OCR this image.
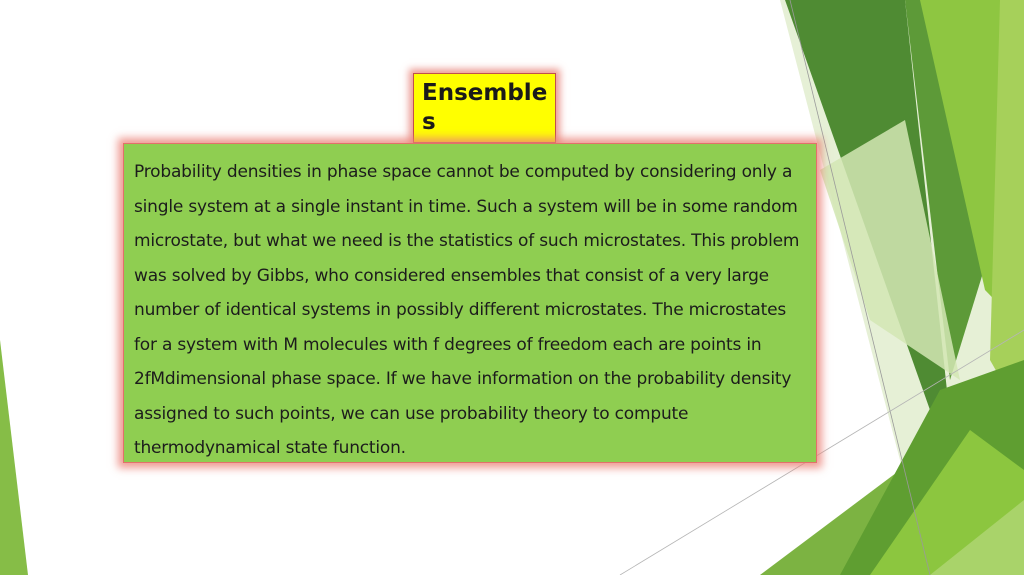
Ensembles
Probability densities in phase space cannot be computed by considering only a single system at a single instant in time. Such a system will be in some random microstate, but what we need is the statistics of such microstates. This problem was solved by Gibbs, who considered ensembles that consist of a very large number of identical systems in possibly different microstates. The microstates for a system with M molecules with f degrees of freedom each are points in 2fMdimensional phase space. If we have information on the probability density assigned to such points, we can use probability theory to compute thermodynamical state function.
